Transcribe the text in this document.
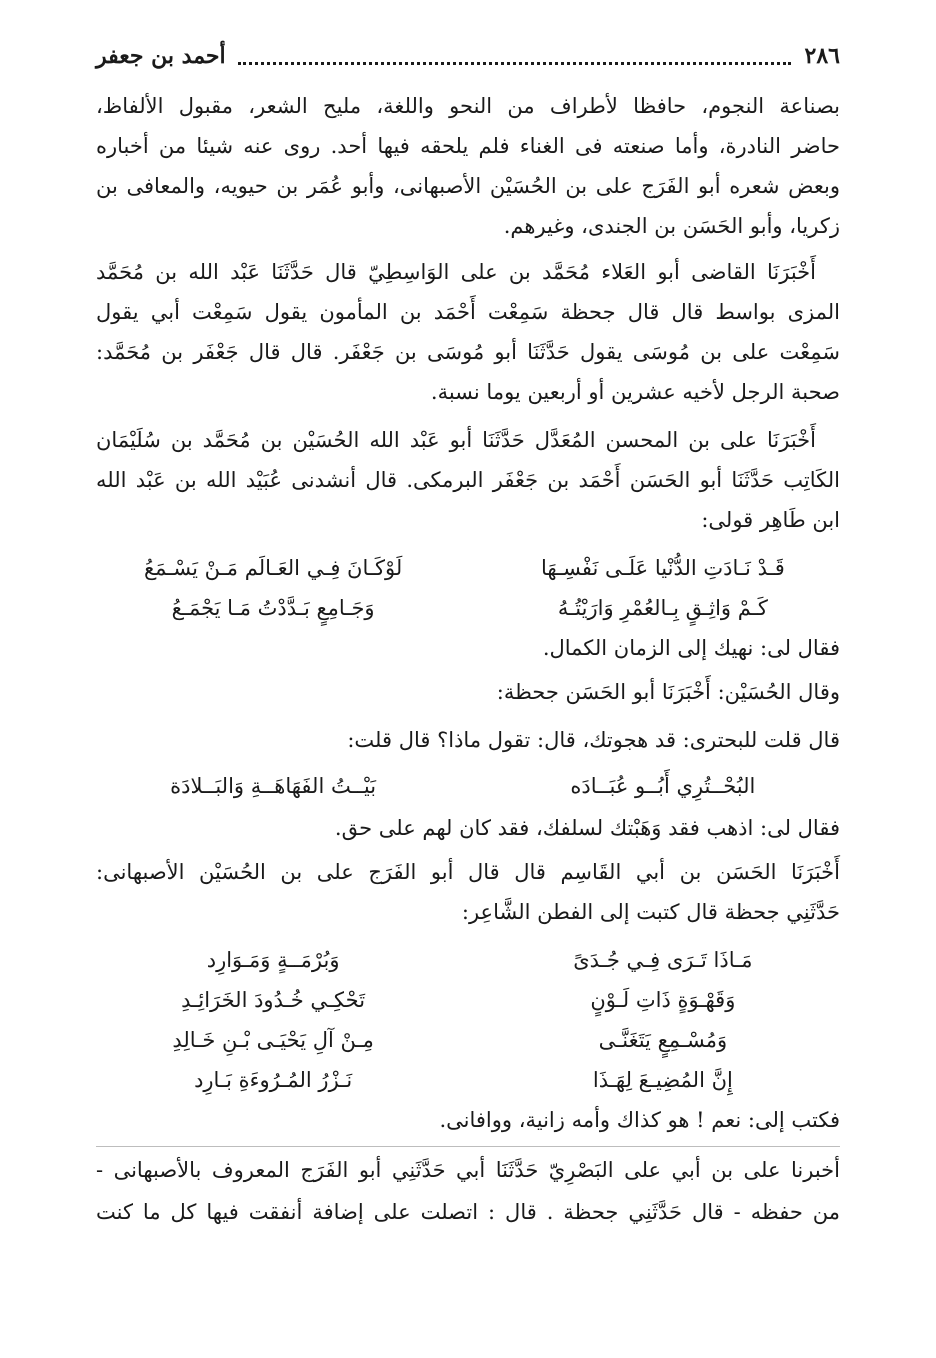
٢٨٦
أحمد بن جعفر
بصناعة النجوم، حافظا لأطراف من النحو واللغة، مليح الشعر، مقبول الألفاظ،
حاضر النادرة، وأما صنعته فى الغناء فلم يلحقه فيها أحد. روى عنه شيئا من أخباره
وبعض شعره أبو الفَرَج على بن الحُسَيْن الأصبهانى، وأبو عُمَر بن حيويه، والمعافى بن
زكريا، وأبو الحَسَن بن الجندى، وغيرهم.
أَخْبَرَنَا القاضى أبو العَلاء مُحَمَّد بن على الوَاسِطِيّ قال حَدَّثَنَا عَبْد الله بن مُحَمَّد
المزى بواسط قال قال جحظة سَمِعْت أَحْمَد بن المأمون يقول سَمِعْت أبي يقول
سَمِعْت على بن مُوسَى يقول حَدَّثَنَا أبو مُوسَى بن جَعْفَر. قال قال جَعْفَر بن مُحَمَّد:
صحبة الرجل لأخيه عشرين أو أربعين يوما نسبة.
أَخْبَرَنَا على بن المحسن المُعَدَّل حَدَّثَنَا أبو عَبْد الله الحُسَيْن بن مُحَمَّد بن سُلَيْمَان
الكَاتِب حَدَّثَنَا أبو الحَسَن أَحْمَد بن جَعْفَر البرمكى. قال أنشدنى عُبَيْد الله بن عَبْد الله
ابن طَاهِر قولى:
قَـدْ نَـادَتِ الدُّنْيا عَلَـى نَفْسِـهَا
لَوْكَـانَ فِـي العَـالَم مَـنْ يَسْـمَعُ
كَـمْ وَاثِـقٍ بِـالعُمْرِ وَارَيْتُـهُ
وَجَـامِعٍ بَـدَّدْتُ مَـا يَجْمَـعُ
فقال لى: نهيك إلى الزمان الكمال.
وقال الحُسَيْن: أَخْبَرَنَا أبو الحَسَن جحظة:
قال قلت للبحترى: قد هجوتك، قال: تقول ماذا؟ قال قلت:
البُحْــتُرِي أَبُــو عُبَــادَه
بَيْــتُ الفَهَاهَــةِ وَالبَــلادَة
فقال لى: اذهب فقد وَهَبْتك لسلفك، فقد كان لهم على حق.
أَخْبَرَنَا الحَسَن بن أبي القَاسِم قال قال أبو الفَرَج على بن الحُسَيْن الأصبهانى:
حَدَّثَنِي جحظة قال كتبت إلى الفطن الشَّاعِر:
مَـاذَا تَـرَى فِـي جُـدَىً
وَبُرْمَــةٍ وَمَـوَارِد
وَقَهْـوَةٍ ذَاتِ لَـوْنٍ
تَحْكِـي خُـدُودَ الخَرَائِـدِ
وَمُسْـمِعٍ يَتَغَنَّـى
مِـنْ آلِ يَحْيَـى بْـنِ خَـالِدِ
إِنَّ المُضِيـعَ لِهَـذَا
نَـزْرُ المُـرُوءَةِ بَـارِد
فكتب إلى: نعم ! هو كذاك وأمه زانية، ووافانى.
أخبرنا على بن أبي على البَصْرِيّ حَدَّثَنَا أبي حَدَّثَنِي أبو الفَرَج المعروف بالأصبهانى -
من حفظه - قال حَدَّثَنِي جحظة . قال : اتصلت على إضافة أنفقت فيها كل ما كنت
